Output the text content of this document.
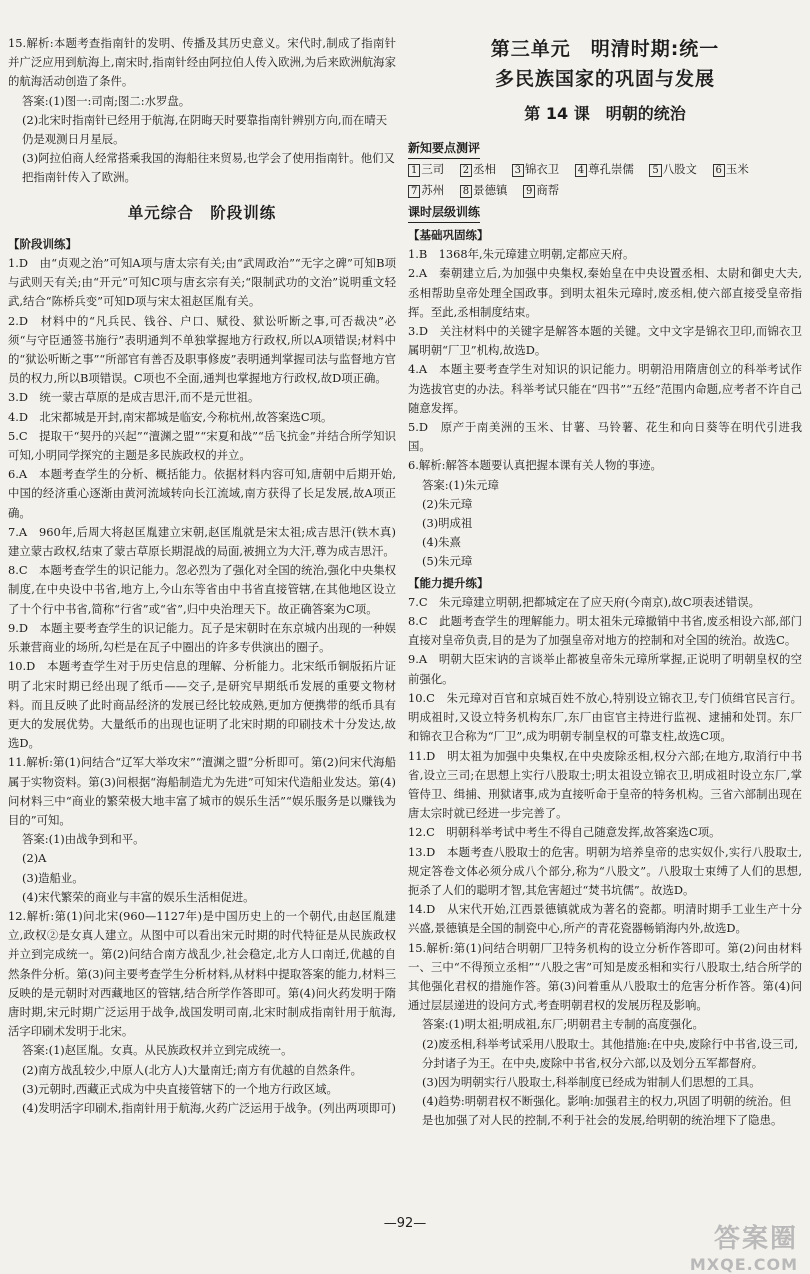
15.解析:本题考查指南针的发明、传播及其历史意义。宋代时,制成了指南针并广泛应用到航海上,南宋时,指南针经由阿拉伯人传入欧洲,为后来欧洲航海家的航海活动创造了条件。

答案:(1)图一:司南;图二:水罗盘。

(2)北宋时指南针已经用于航海,在阴晦天时要靠指南针辨别方向,而在晴天仍是观测日月星辰。

(3)阿拉伯商人经常搭乘我国的海船往来贸易,也学会了使用指南针。他们又把指南针传入了欧洲。

单元综合　阶段训练
【阶段训练】

1.D　由“贞观之治”可知A项与唐太宗有关;由“武周政治”“无字之碑”可知B项与武则天有关;由“开元”可知C项与唐玄宗有关;“限制武功的文治”说明重文轻武,结合“陈桥兵变”可知D项与宋太祖赵匡胤有关。

2.D　材料中的“凡兵民、钱谷、户口、赋役、狱讼听断之事,可否裁决”必须“与守臣通签书施行”表明通判不单独掌握地方行政权,所以A项错误;材料中的“狱讼听断之事”“所部官有善否及职事修废”表明通判掌握司法与监督地方官员的权力,所以B项错误。C项也不全面,通判也掌握地方行政权,故D项正确。

3.D　统一蒙古草原的是成吉思汗,而不是元世祖。

4.D　北宋都城是开封,南宋都城是临安,今称杭州,故答案选C项。

5.C　提取干“契丹的兴起”“澶渊之盟”“宋夏和战”“岳飞抗金”并结合所学知识可知,小明同学探究的主题是多民族政权的并立。

6.A　本题考查学生的分析、概括能力。依据材料内容可知,唐朝中后期开始,中国的经济重心逐渐由黄河流域转向长江流域,南方获得了长足发展,故A项正确。

7.A　960年,后周大将赵匡胤建立宋朝,赵匡胤就是宋太祖;成吉思汗(铁木真)建立蒙古政权,结束了蒙古草原长期混战的局面,被拥立为大汗,尊为成吉思汗。

8.C　本题考查学生的识记能力。忽必烈为了强化对全国的统治,强化中央集权制度,在中央设中书省,地方上,今山东等省由中书省直接管辖,在其他地区设立了十个行中书省,简称“行省”或“省”,归中央治理天下。故正确答案为C项。

9.D　本题主要考查学生的识记能力。瓦子是宋朝时在东京城内出现的一种娱乐兼营商业的场所,勾栏是在瓦子中圈出的许多专供演出的圈子。

10.D　本题考查学生对于历史信息的理解、分析能力。北宋纸币铜版拓片证明了北宋时期已经出现了纸币——交子,是研究早期纸币发展的重要文物材料。而且反映了此时商品经济的发展已经比较成熟,更加方便携带的纸币具有更大的发展优势。大量纸币的出现也证明了北宋时期的印刷技术十分发达,故选D。

11.解析:第(1)问结合“辽军大举攻宋”“澶渊之盟”分析即可。第(2)问宋代海船属于实物资料。第(3)问根据“海船制造尤为先进”可知宋代造船业发达。第(4)问材料三中“商业的繁荣极大地丰富了城市的娱乐生活”“娱乐服务是以赚钱为目的”可知。

答案:(1)由战争到和平。

(2)A

(3)造船业。

(4)宋代繁荣的商业与丰富的娱乐生活相促进。

12.解析:第(1)问北宋(960—1127年)是中国历史上的一个朝代,由赵匡胤建立,政权②是女真人建立。从图中可以看出宋元时期的时代特征是从民族政权并立到完成统一。第(2)问结合南方战乱少,社会稳定,北方人口南迁,优越的自然条件分析。第(3)问主要考查学生分析材料,从材料中提取答案的能力,材料三反映的是元朝时对西藏地区的管辖,结合所学作答即可。第(4)问火药发明于隋唐时期,宋元时期广泛运用于战争,战国发明司南,北宋时制成指南针用于航海,活字印刷术发明于北宋。

答案:(1)赵匡胤。女真。从民族政权并立到完成统一。

(2)南方战乱较少,中原人(北方人)大量南迁;南方有优越的自然条件。

(3)元朝时,西藏正式成为中央直接管辖下的一个地方行政区域。

(4)发明活字印刷术,指南针用于航海,火药广泛运用于战争。(列出两项即可)

第三单元　明清时期:统一
多民族国家的巩固与发展
第 14 课　明朝的统治
新知要点测评

1 三司 2 丞相 3 锦衣卫 4 尊孔崇儒 5 八股文 6 玉米

7 苏州 8 景德镇 9 商帮

课时层级训练
【基础巩固练】

1.B　1368年,朱元璋建立明朝,定都应天府。

2.A　秦朝建立后,为加强中央集权,秦始皇在中央设置丞相、太尉和御史大夫,丞相帮助皇帝处理全国政事。到明太祖朱元璋时,废丞相,使六部直接受皇帝指挥。至此,丞相制度结束。

3.D　关注材料中的关键字是解答本题的关键。文中文字是锦衣卫印,而锦衣卫属明朝“厂卫”机构,故选D。

4.A　本题主要考查学生对知识的识记能力。明朝沿用隋唐创立的科举考试作为选拔官吏的办法。科举考试只能在“四书”“五经”范围内命题,应考者不许自己随意发挥。

5.D　原产于南美洲的玉米、甘薯、马铃薯、花生和向日葵等在明代引进我国。

6.解析:解答本题要认真把握本课有关人物的事迹。

答案:(1)朱元璋

(2)朱元璋

(3)明成祖

(4)朱熹

(5)朱元璋

【能力提升练】

7.C　朱元璋建立明朝,把都城定在了应天府(今南京),故C项表述错误。

8.C　此题考查学生的理解能力。明太祖朱元璋撤销中书省,废丞相设六部,部门直接对皇帝负责,目的是为了加强皇帝对地方的控制和对全国的统治。故选C。

9.A　明朝大臣宋讷的言谈举止都被皇帝朱元璋所掌握,正说明了明朝皇权的空前强化。

10.C　朱元璋对百官和京城百姓不放心,特别设立锦衣卫,专门侦缉官民言行。明成祖时,又设立特务机构东厂,东厂由宦官主持进行监视、逮捕和处罚。东厂和锦衣卫合称为“厂卫”,成为明朝专制皇权的可靠支柱,故选C项。

11.D　明太祖为加强中央集权,在中央废除丞相,权分六部;在地方,取消行中书省,设立三司;在思想上实行八股取士;明太祖设立锦衣卫,明成祖时设立东厂,掌管侍卫、缉捕、刑狱诸事,成为直接听命于皇帝的特务机构。三省六部制出现在唐太宗时就已经进一步完善了。

12.C　明朝科举考试中考生不得自己随意发挥,故答案选C项。

13.D　本题考查八股取士的危害。明朝为培养皇帝的忠实奴仆,实行八股取士,规定答卷文体必须分成八个部分,称为“八股文”。八股取士束缚了人们的思想,扼杀了人们的聪明才智,其危害超过“焚书坑儒”。故选D。

14.D　从宋代开始,江西景德镇就成为著名的瓷都。明清时期手工业生产十分兴盛,景德镇是全国的制瓷中心,所产的青花瓷器畅销海内外,故选D。

15.解析:第(1)问结合明朝厂卫特务机构的设立分析作答即可。第(2)问由材料一、三中“不得预立丞相”“八股之害”可知是废丞相和实行八股取士,结合所学的其他强化君权的措施作答。第(3)问着重从八股取士的危害分析作答。第(4)问通过层层递进的设问方式,考查明朝君权的发展历程及影响。

答案:(1)明太祖;明成祖,东厂;明朝君主专制的高度强化。

(2)废丞相,科举考试采用八股取士。其他措施:在中央,废除行中书省,设三司,分封诸子为王。在中央,废除中书省,权分六部,以及划分五军都督府。

(3)因为明朝实行八股取士,科举制度已经成为钳制人们思想的工具。

(4)趋势:明朝君权不断强化。影响:加强君主的权力,巩固了明朝的统治。但是也加强了对人民的控制,不利于社会的发展,给明朝的统治埋下了隐患。

—92—
答案圈
MXQE.COM
